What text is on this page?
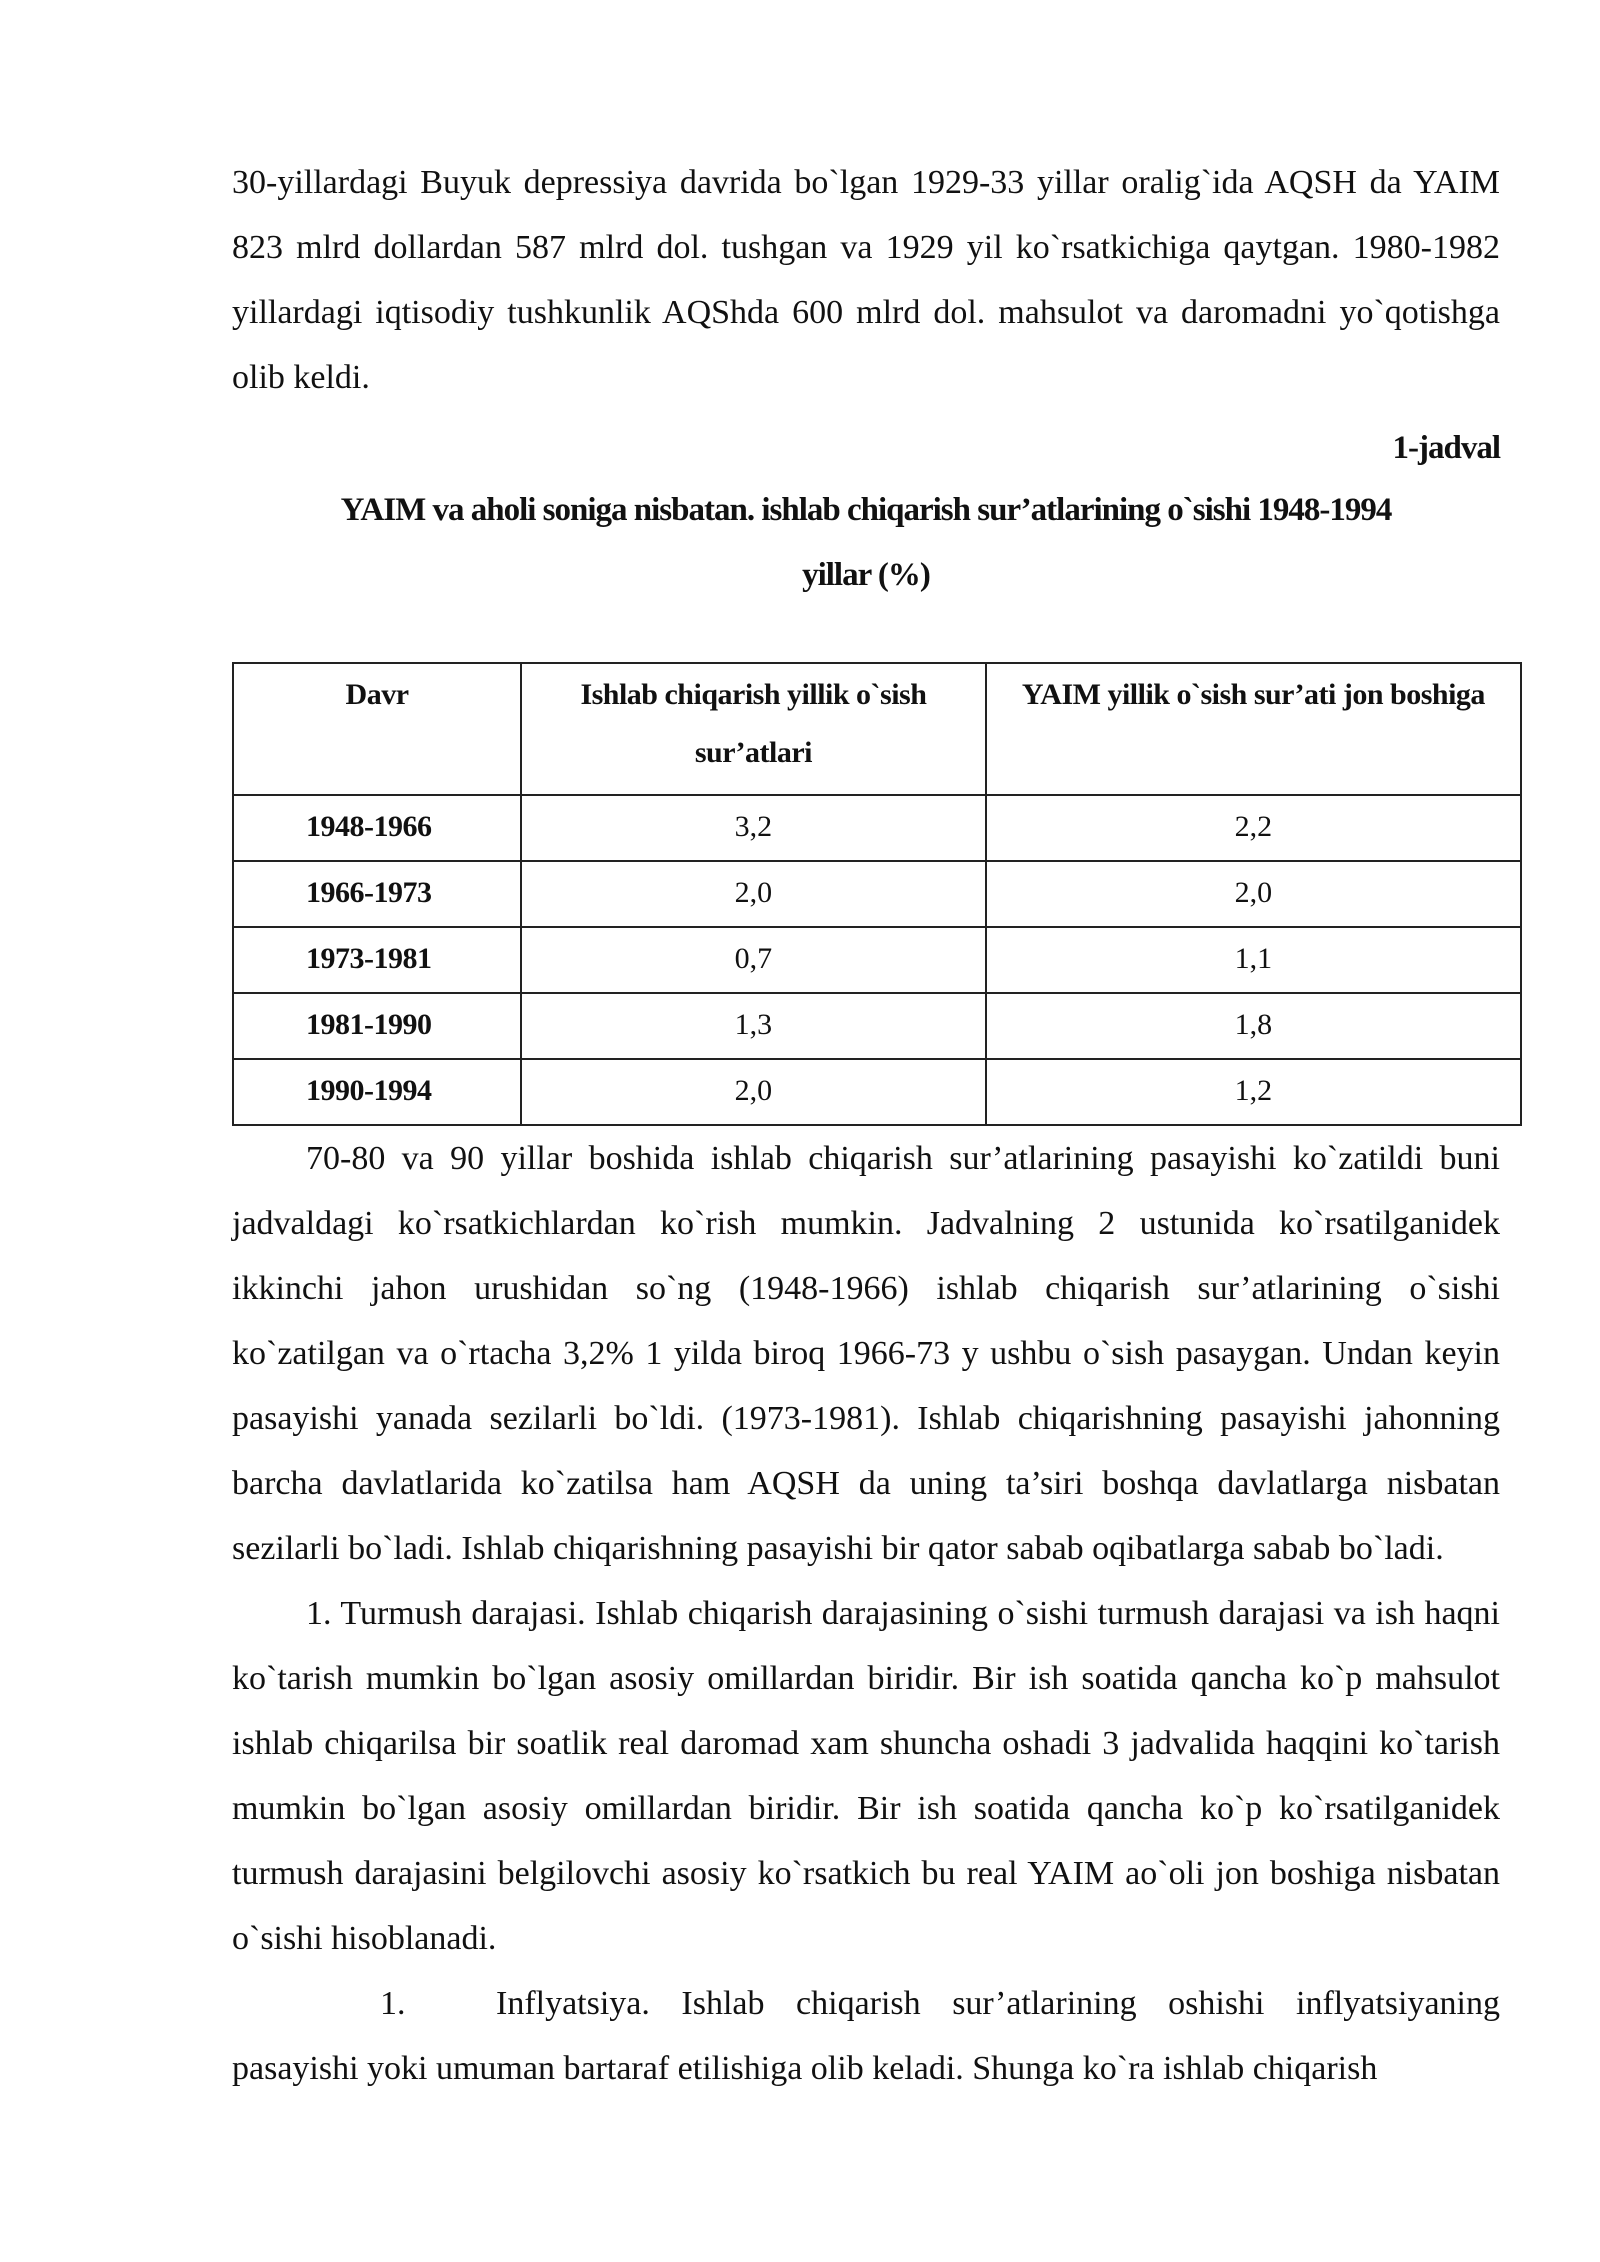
30-yillardagi Buyuk depressiya davrida bo`lgan 1929-33 yillar oralig`ida AQSH da YAIM 823 mlrd dollardan 587 mlrd dol. tushgan va 1929 yil ko`rsatkichiga qaytgan. 1980-1982 yillardagi iqtisodiy tushkunlik AQShda 600 mlrd dol. mahsulot va daromadni yo`qotishga olib keldi.

1-jadval
YAIM va aholi soniga nisbatan. ishlab chiqarish sur’atlarining o`sishi 1948-1994
yillar (%)
Davr	Ishlab chiqarish yillik o`sish sur’atlari	YAIM yillik o`sish sur’ati jon boshiga
1948-1966	3,2	2,2
1966-1973	2,0	2,0
1973-1981	0,7	1,1
1981-1990	1,3	1,8
1990-1994	2,0	1,2

70-80 va 90 yillar boshida ishlab chiqarish sur’atlarining pasayishi ko`zatildi buni jadvaldagi ko`rsatkichlardan ko`rish mumkin. Jadvalning 2 ustunida ko`rsatilganidek ikkinchi jahon urushidan so`ng (1948-1966) ishlab chiqarish sur’atlarining o`sishi ko`zatilgan va o`rtacha 3,2% 1 yilda biroq 1966-73 y ushbu o`sish pasaygan. Undan keyin pasayishi yanada sezilarli bo`ldi. (1973-1981). Ishlab chiqarishning pasayishi jahonning barcha davlatlarida ko`zatilsa ham AQSH da uning ta’siri boshqa davlatlarga nisbatan sezilarli bo`ladi. Ishlab chiqarishning pasayishi bir qator sabab oqibatlarga sabab bo`ladi.

1. Turmush darajasi. Ishlab chiqarish darajasining o`sishi turmush darajasi va ish haqni ko`tarish mumkin bo`lgan asosiy omillardan biridir. Bir ish soatida qancha ko`p mahsulot ishlab chiqarilsa bir soatlik real daromad xam shuncha oshadi 3 jadvalida haqqini ko`tarish mumkin bo`lgan asosiy omillardan biridir. Bir ish soatida qancha ko`p ko`rsatilganidek turmush darajasini belgilovchi asosiy ko`rsatkich bu real YAIM ao`oli jon boshiga nisbatan o`sishi hisoblanadi.

1.	Inflyatsiya. Ishlab chiqarish sur’atlarining oshishi inflyatsiyaning pasayishi yoki umuman bartaraf etilishiga olib keladi. Shunga ko`ra ishlab chiqarish
